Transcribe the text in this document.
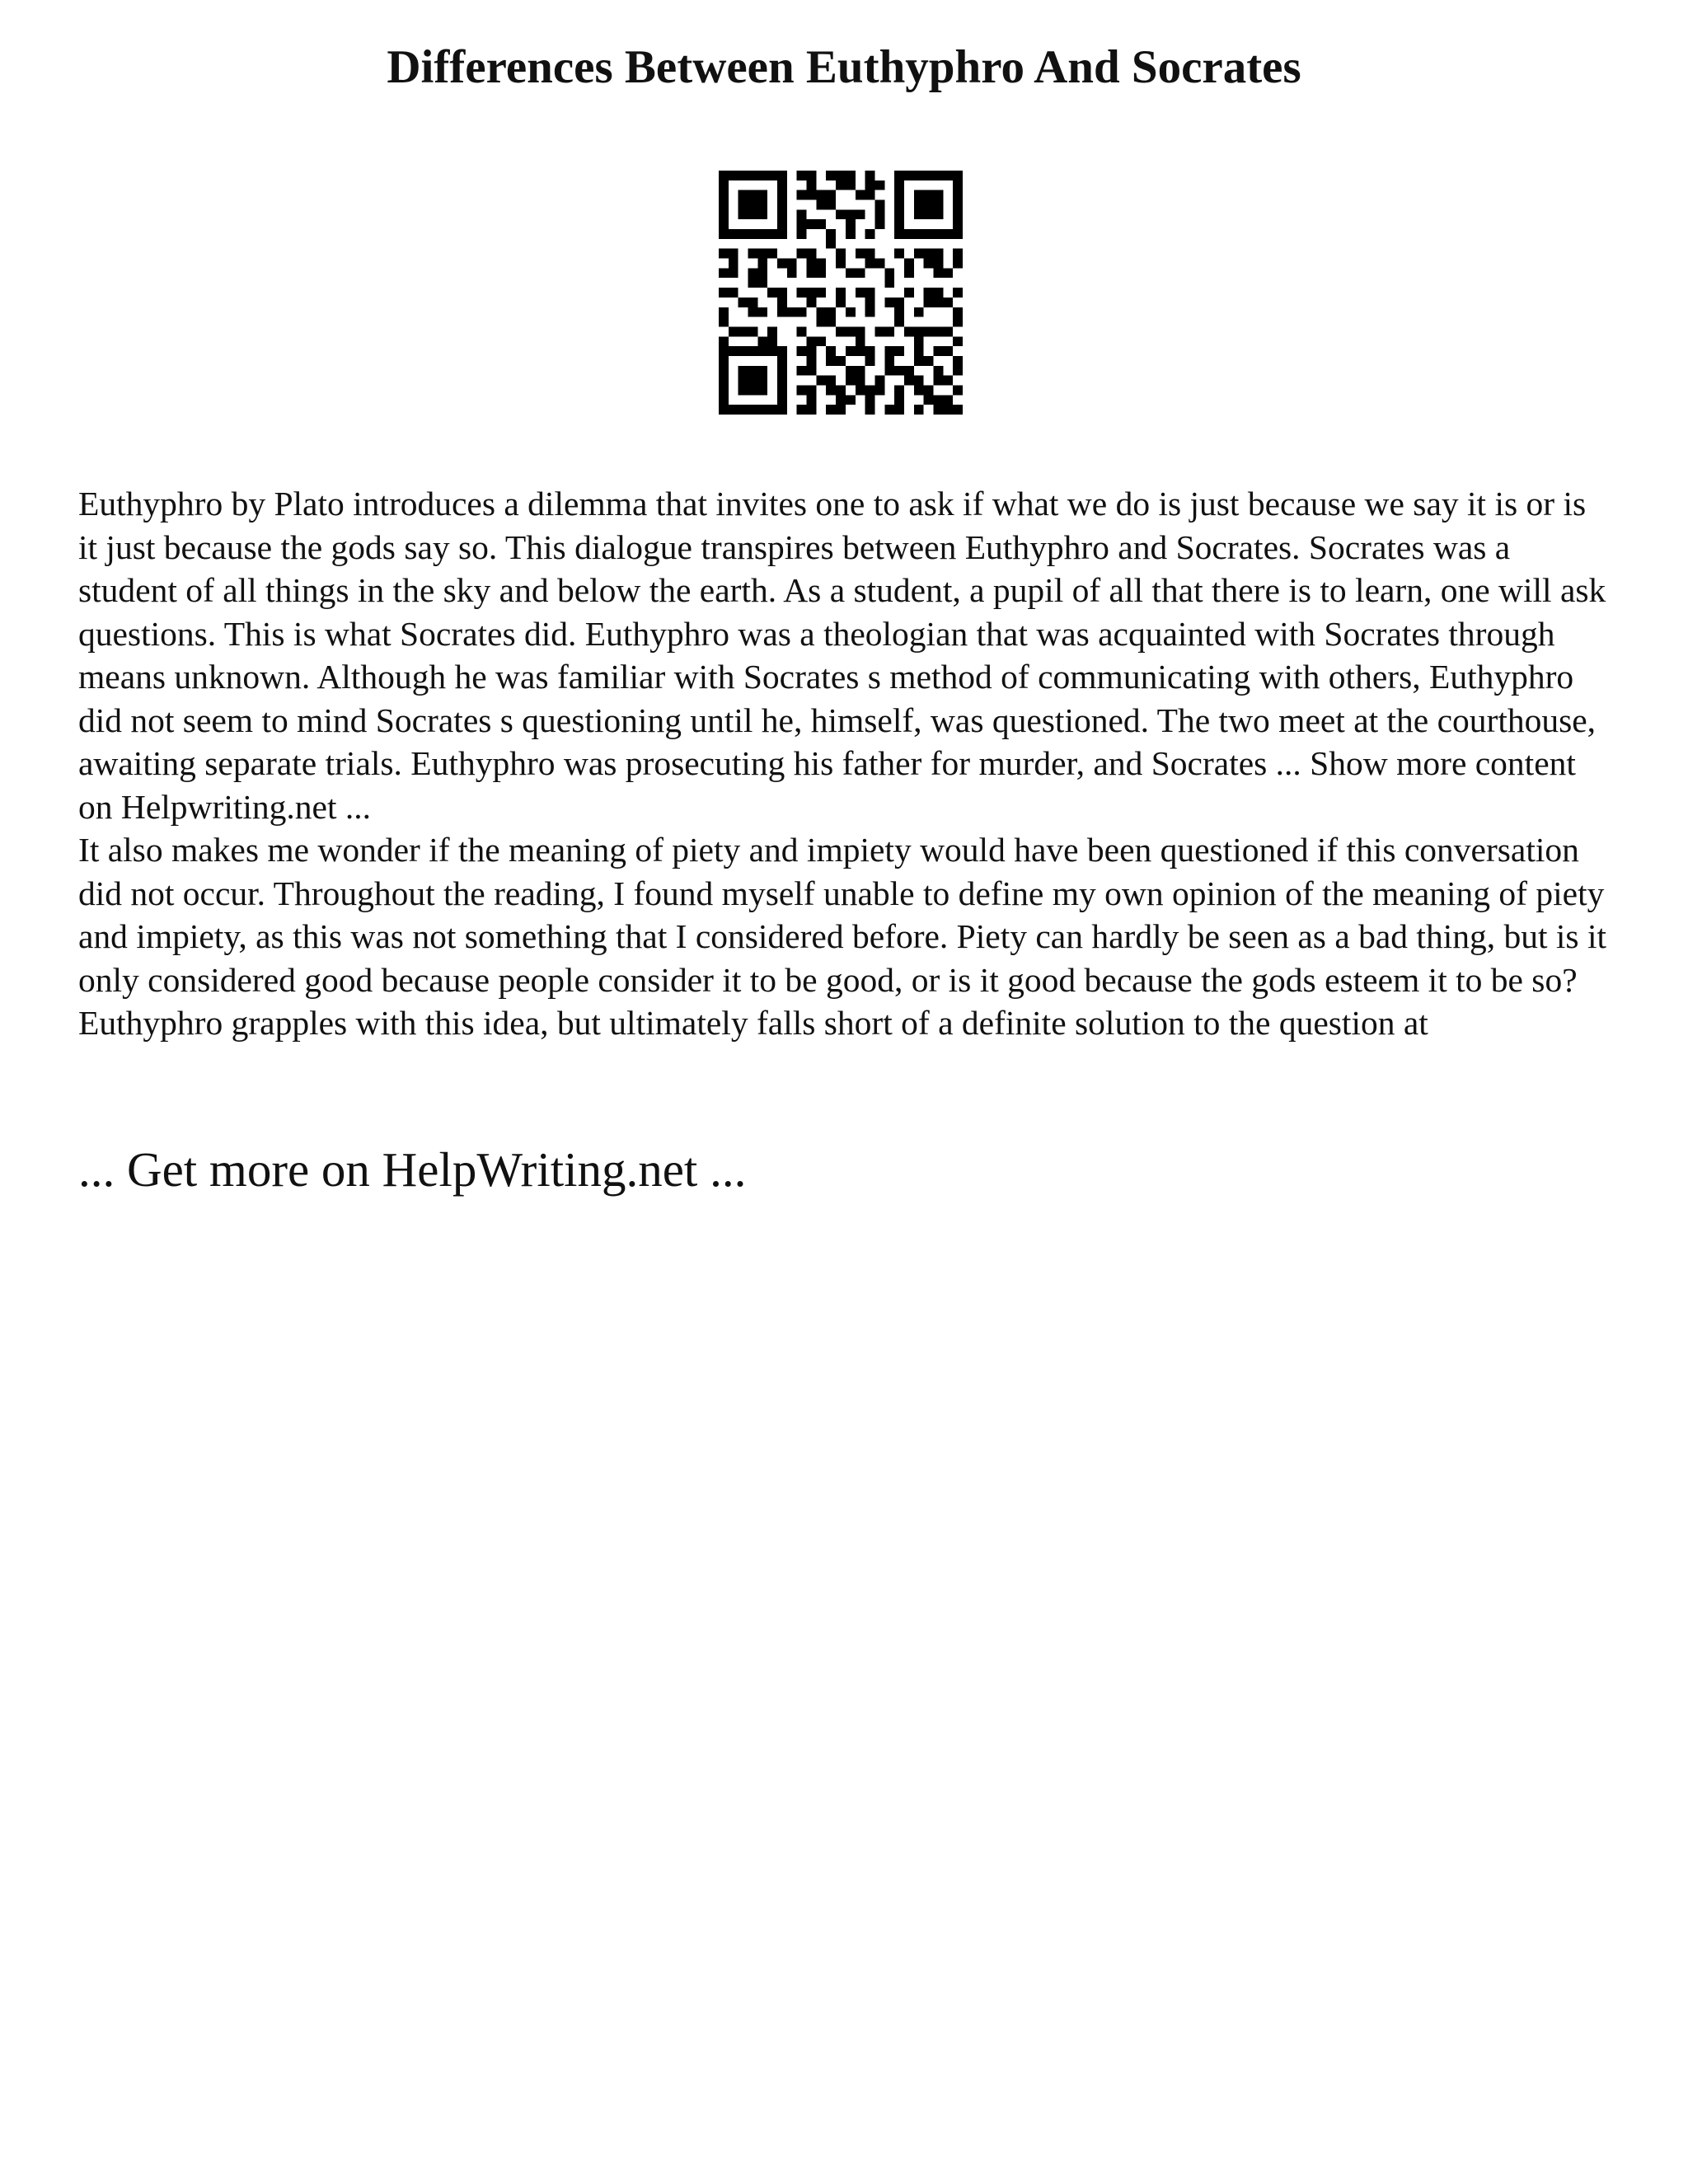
Differences Between Euthyphro And Socrates

Euthyphro by Plato introduces a dilemma that invites one to ask if what we do is just because we say it is or is it just because the gods say so. This dialogue transpires between Euthyphro and Socrates. Socrates was a student of all things in the sky and below the earth. As a student, a pupil of all that there is to learn, one will ask questions. This is what Socrates did. Euthyphro was a theologian that was acquainted with Socrates through means unknown. Although he was familiar with Socrates s method of communicating with others, Euthyphro did not seem to mind Socrates s questioning until he, himself, was questioned. The two meet at the courthouse, awaiting separate trials. Euthyphro was prosecuting his father for murder, and Socrates ... Show more content on Helpwriting.net ...

It also makes me wonder if the meaning of piety and impiety would have been questioned if this conversation did not occur. Throughout the reading, I found myself unable to define my own opinion of the meaning of piety and impiety, as this was not something that I considered before. Piety can hardly be seen as a bad thing, but is it only considered good because people consider it to be good, or is it good because the gods esteem it to be so? Euthyphro grapples with this idea, but ultimately falls short of a definite solution to the question at

... Get more on HelpWriting.net ...
